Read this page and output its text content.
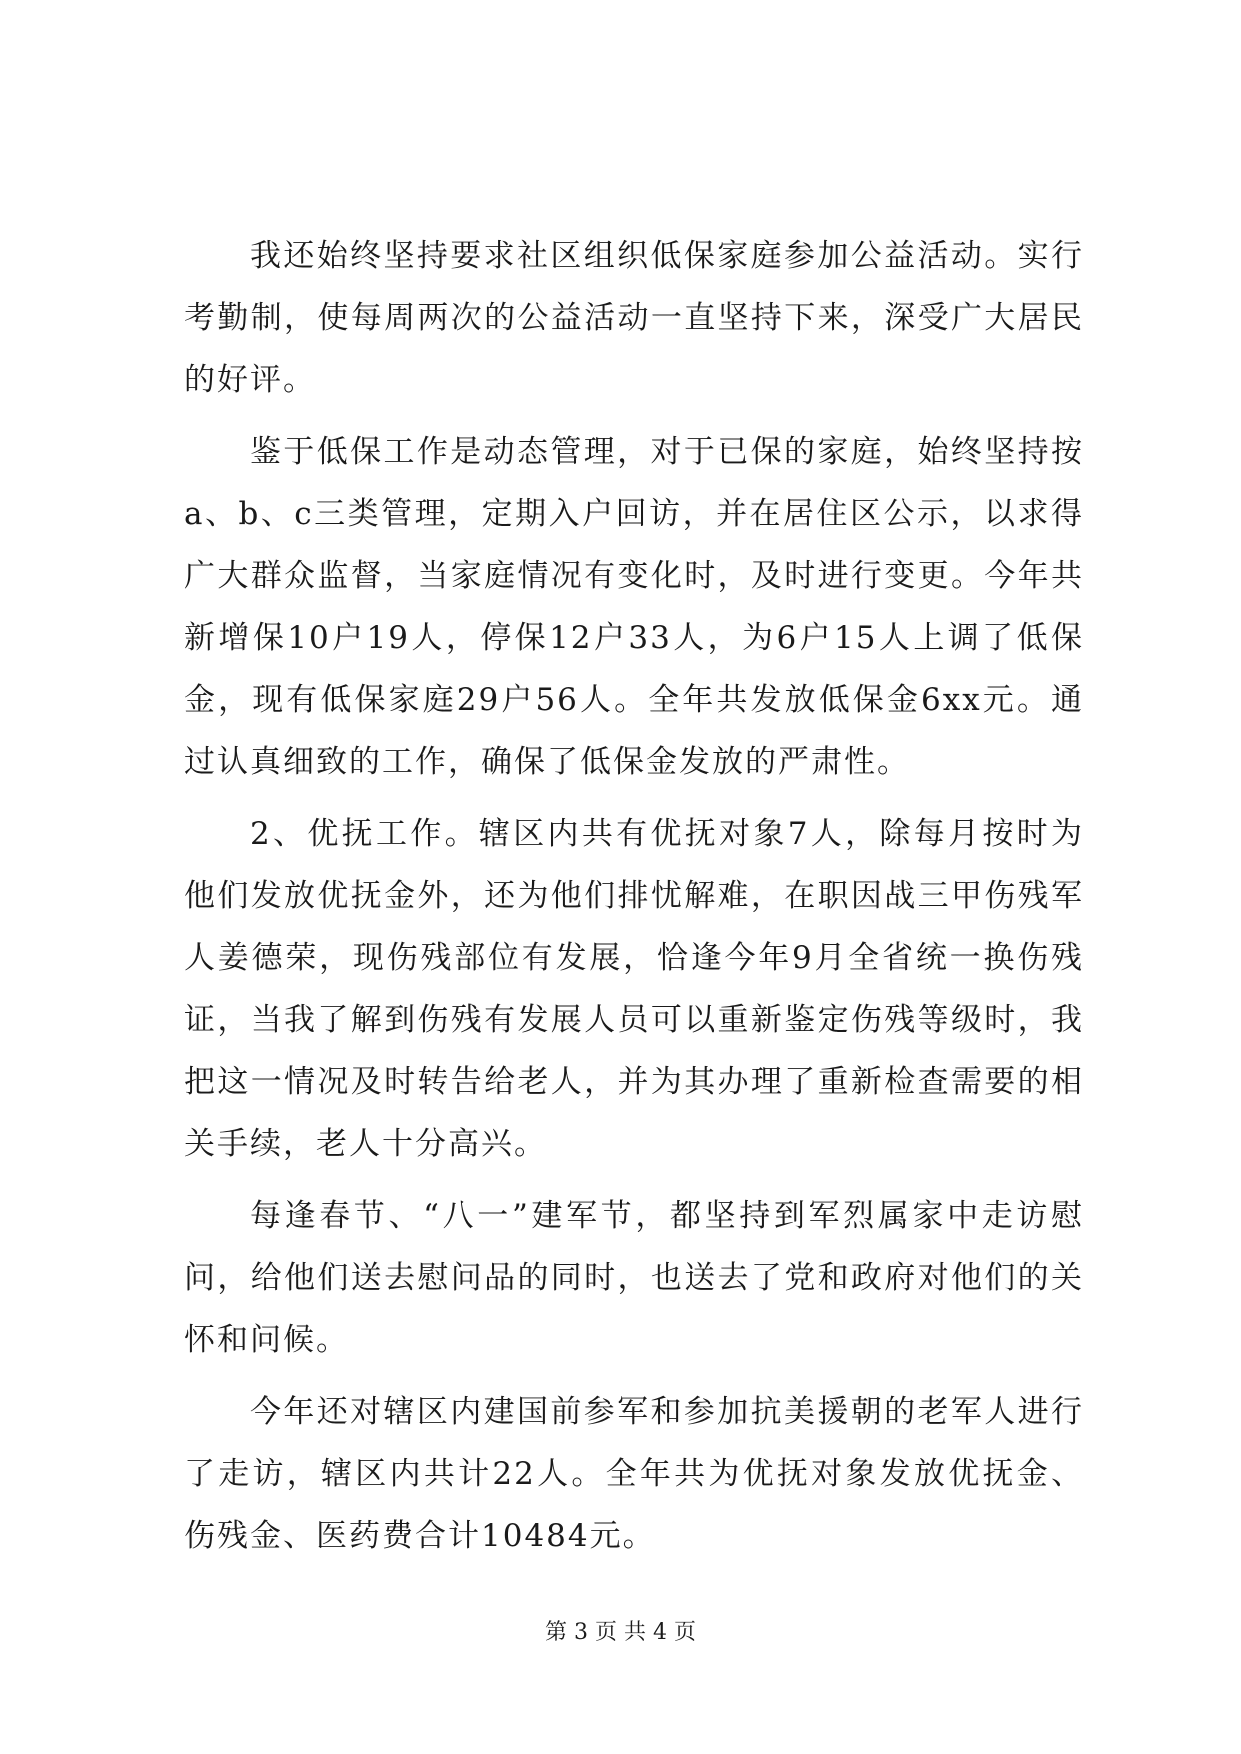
我还始终坚持要求社区组织低保家庭参加公益活动。实行考勤制，使每周两次的公益活动一直坚持下来，深受广大居民的好评。

鉴于低保工作是动态管理，对于已保的家庭，始终坚持按a、b、c三类管理，定期入户回访，并在居住区公示，以求得广大群众监督，当家庭情况有变化时，及时进行变更。今年共新增保10户19人，停保12户33人，为6户15人上调了低保金，现有低保家庭29户56人。全年共发放低保金6xx元。通过认真细致的工作，确保了低保金发放的严肃性。

2、优抚工作。辖区内共有优抚对象7人，除每月按时为他们发放优抚金外，还为他们排忧解难，在职因战三甲伤残军人姜德荣，现伤残部位有发展，恰逢今年9月全省统一换伤残证，当我了解到伤残有发展人员可以重新鉴定伤残等级时，我把这一情况及时转告给老人，并为其办理了重新检查需要的相关手续，老人十分高兴。

每逢春节、“八一”建军节，都坚持到军烈属家中走访慰问，给他们送去慰问品的同时，也送去了党和政府对他们的关怀和问候。

今年还对辖区内建国前参军和参加抗美援朝的老军人进行了走访，辖区内共计22人。全年共为优抚对象发放优抚金、伤残金、医药费合计10484元。

第 3 页 共 4 页
